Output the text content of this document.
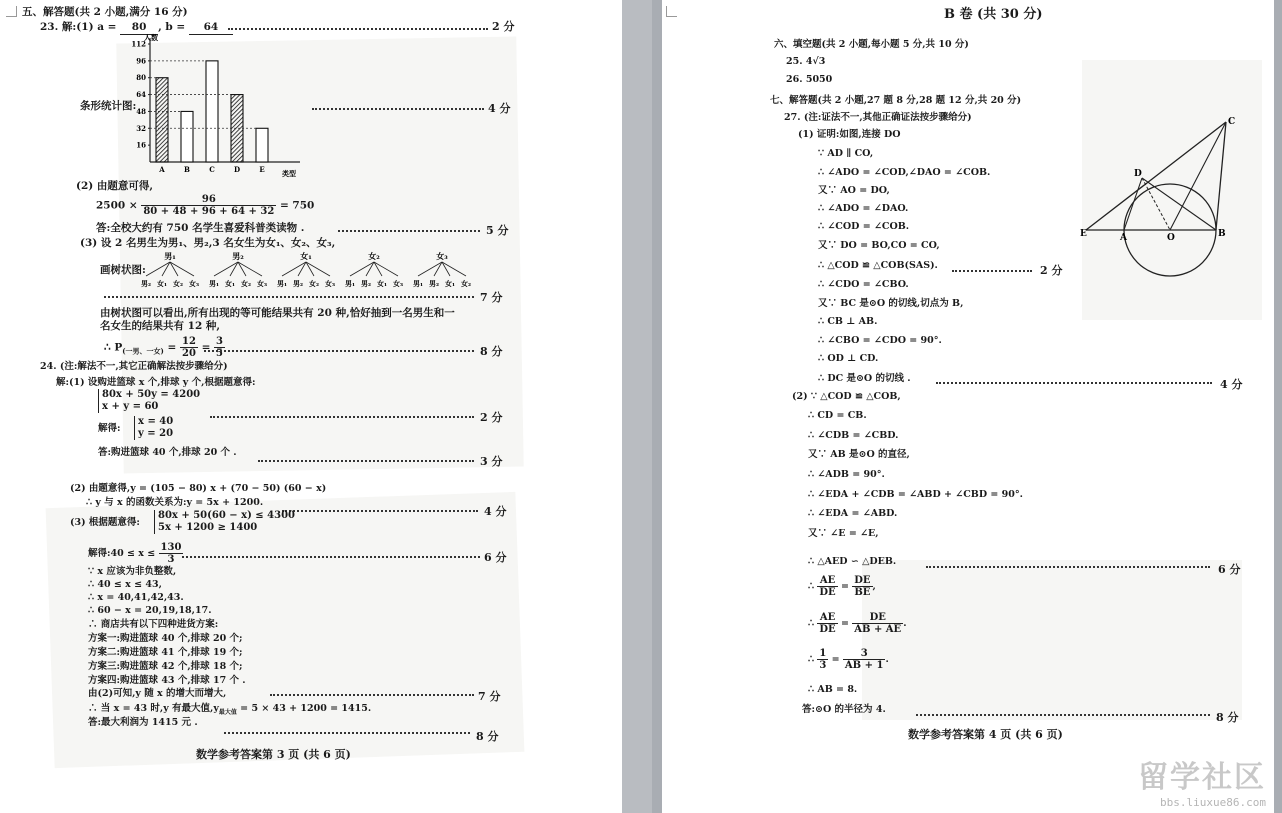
五、解答题(共 2 小题,满分 16 分)
23. 解:(1) a = 80 , b = 64	2 分
人数
类型
16
32
48
64
80
96
112
A	B	C	D	E
条形统计图:	4 分
(2) 由题意可得,
$2500 \times \frac{96}{80 + 48 + 96 + 64 + 32} = 750$
答:全校大约有 750 名学生喜爱科普类读物 .	5 分
(3) 设 2 名男生为男₁、男₂,3 名女生为女₁、女₂、女₃,
画树状图:
男₁
男₂ 女₁ 女₂ 女₃
男₂
男₁ 女₁ 女₂ 女₃
女₁
男₁ 男₂ 女₂ 女₃
女₂
男₁ 男₂ 女₁ 女₃
女₃
男₁ 男₂ 女₁ 女₂
7 分
由树状图可以看出,所有出现的等可能结果共有 20 种,恰好抽到一名男生和一
名女生的结果共有 12 种,
∴ $P_{(一男、一女)} = \frac{12}{20} = \frac{3}{5}$	8 分
24. (注:解法不一,其它正确解法按步骤给分)
解:(1) 设购进篮球 x 个,排球 y 个,根据题意得:
80x + 50y = 4200
x + y = 60
解得:
x = 40
y = 20
2 分
答:购进篮球 40 个,排球 20 个 .
3 分
(2) 由题意得,y = (105 − 80) x + (70 − 50) (60 − x)
∴ y 与 x 的函数关系为:y = 5x + 1200.
4 分
(3) 根据题意得:
80x + 50(60 − x) ≤ 4300
5x + 1200 ≥ 1400
解得:40 ≤ $x \le \frac{130}{3}$	6 分
∵ x 应该为非负整数,
∴ 40 ≤ x ≤ 43,
∴ x = 40,41,42,43.
∴ 60 − x = 20,19,18,17.
∴ 商店共有以下四种进货方案:
方案一:购进篮球 40 个,排球 20 个;
方案二:购进篮球 41 个,排球 19 个;
方案三:购进篮球 42 个,排球 18 个;
方案四:购进篮球 43 个,排球 17 个 .
由(2)可知,y 随 x 的增大而增大,	7 分
∴ 当 x = 43 时,y 有最大值$,y_{最大值} = 5 \times 43 + 1200 = 1415$.
答:最大利润为 1415 元 .
8 分
数学参考答案第 3 页 (共 6 页)
B 卷 (共 30 分)
六、填空题(共 2 小题,每小题 5 分,共 10 分)
25. 4√3
26. 5050
七、解答题(共 2 小题,27 题 8 分,28 题 12 分,共 20 分)
27. (注:证法不一,其他正确证法按步骤给分)
(1) 证明:如图,连接 DO
∵ AD ∥ CO,
∴ ∠ADO = ∠COD,∠DAO = ∠COB.
又∵ AO = DO,
∴ ∠ADO = ∠DAO.
∴ ∠COD = ∠COB.
又∵ DO = BO,CO = CO,
∴ △COD ≌ △COB(SAS).	2 分
∴ ∠CDO = ∠CBO.
又∵ BC 是⊙O 的切线,切点为 B,
∴ CB ⊥ AB.
∴ ∠CBO = ∠CDO = 90°.
∴ OD ⊥ CD.
∴ DC 是⊙O 的切线 .	4 分
(2) ∵ △COD ≌ △COB,
∴ CD = CB.
∴ ∠CDB = ∠CBD.
又∵ AB 是⊙O 的直径,
∴ ∠ADB = 90°.
∴ ∠EDA + ∠CDB = ∠ABD + ∠CBD = 90°.
∴ ∠EDA = ∠ABD.
又∵ ∠E = ∠E,
∴ △AED ∽ △DEB.
6 分
∴ $\frac{AE}{DE} = \frac{DE}{BE}$ ,
∴ $\frac{AE}{DE} = \frac{DE}{AB + AE}$ .
∴ $\frac{1}{3} = \frac{3}{AB + 1}$ .
∴ AB = 8.
答:⊙O 的半径为 4.
8 分
数学参考答案第 4 页 (共 6 页)
C
D
E	A	O	B
留学社区
bbs.liuxue86.com
